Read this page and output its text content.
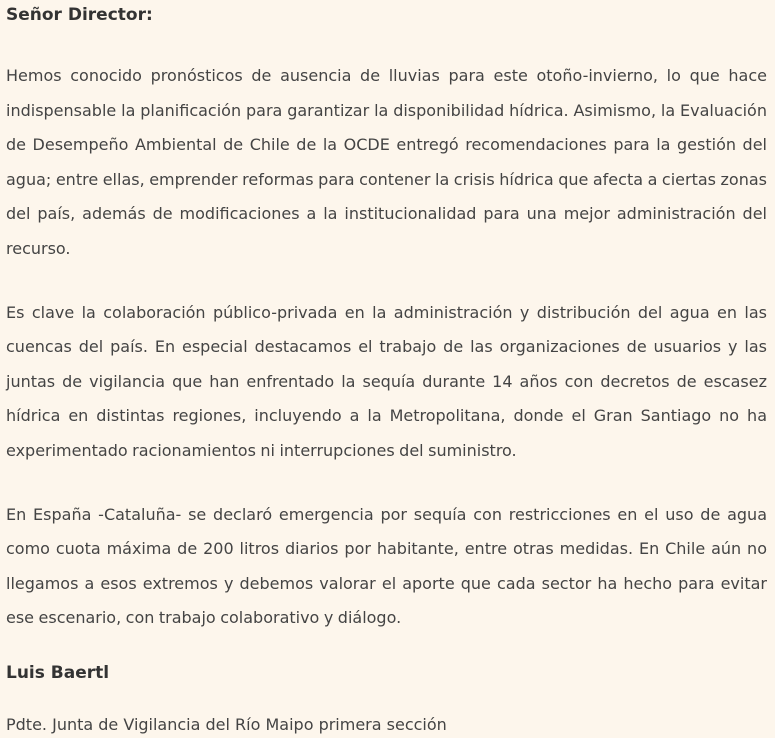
Señor Director:

Hemos conocido pronósticos de ausencia de lluvias para este otoño-invierno, lo que hace indispensable la planificación para garantizar la disponibilidad hídrica. Asimismo, la Evaluación de Desempeño Ambiental de Chile de la OCDE entregó recomendaciones para la gestión del agua; entre ellas, emprender reformas para contener la crisis hídrica que afecta a ciertas zonas del país, además de modificaciones a la institucionalidad para una mejor administración del recurso.

Es clave la colaboración público-privada en la administración y distribución del agua en las cuencas del país. En especial destacamos el trabajo de las organizaciones de usuarios y las juntas de vigilancia que han enfrentado la sequía durante 14 años con decretos de escasez hídrica en distintas regiones, incluyendo a la Metropolitana, donde el Gran Santiago no ha experimentado racionamientos ni interrupciones del suministro.

En España -Cataluña- se declaró emergencia por sequía con restricciones en el uso de agua como cuota máxima de 200 litros diarios por habitante, entre otras medidas. En Chile aún no llegamos a esos extremos y debemos valorar el aporte que cada sector ha hecho para evitar ese escenario, con trabajo colaborativo y diálogo.

Luis Baertl

Pdte. Junta de Vigilancia del Río Maipo primera sección
